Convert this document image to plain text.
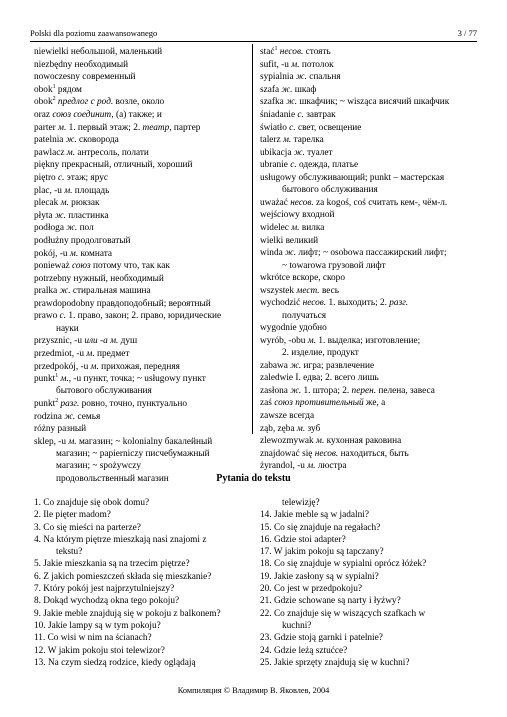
Polski dla poziomu zaawansowanego	3 / 77
niewielki небольшой, маленький
niezbędny необходимый
nowoczesny современный
obok$^1$ рядом
obok$^2$ предлог с род. возле, около
oraz союз соединит, (а) также; и
parter м. 1. первый этаж; 2. театр, партер
patelnia ж. сковорода
pawlacz м. антресоль, полати
piękny прекрасный, отличный, хороший
piętro с. этаж; ярус
plac, -u м. площадь
plecak м. рюкзак
płyta ж. пластинка
podłoga ж. пол
podłużny продолговатый
pokój, -u м. комната
ponieważ союз потому что, так как
potrzebny нужный, необходимый
pralka ж. стиральная машина
prawdopodobny правдоподобный; вероятный
prawo с. 1. право, закон; 2. право, юридические
науки
przysznic, -u или -a м. душ
przedmiot, -u м. предмет
przedpokój, -u м. прихожая, передняя
punkt$^1$ м., -u пункт, точка; ~ usługowy пункт
бытового обслуживания
punkt$^2$ разг. ровно, точно, пунктуально
rodzina ж. семья
różny разный
sklep, -u м. магазин; ~ kolonialny бакалейный
магазин; ~ papierniczy писчебумажный
магазин; ~ spożywczy
продовольственный магазин
stać$^1$ несов. стоять
sufit, -u м. потолок
sypialnia ж. спальня
szafa ж. шкаф
szafka ж. шкафчик; ~ wisząca висячий шкафчик
śniadanie с. завтрак
światło с. свет, освещение
talerz м. тарелка
ubikacja ж. туалет
ubranie с. одежда, платье
usługowy обслуживающий; punkt – мастерская
бытового обслуживания
uważać несов. za kogoś, coś считать кем-, чём-л.
wejściowy входной
widelec м. вилка
wielki великий
winda ж. лифт; ~ osobowa пассажирский лифт;
~ towarowa грузовой лифт
wkrótce вскоре, скоро
wszystek мест. весь
wychodzić несов. 1. выходить; 2. разг.
получаться
wygodnie удобно
wyrób, -obu м. 1. выделка; изготовление;
2. изделие, продукт
zabawa ж. игра; развлечение
zaledwie I. едва; 2. всего лишь
zasłona ж. 1. штора; 2. перен. пелена, завеса
zaś союз противительный же, а
zawsze всегда
ząb, zęba м. зуб
zlewozmywak м. кухонная раковина
znajdować się несов. находиться, быть
żyrandol, -u м. люстра
Pytania do tekstu
1. Co znajduje się obok domu?
2. Ile pięter madom?
3. Co się mieści na parterze?
4. Na którym piętrze mieszkają nasi znajomi z
tekstu?
5. Jakie mieszkania są na trzecim piętrze?
6. Z jakich pomieszczeń składa się mieszkanie?
7. Który pokój jest najprzytulniejszy?
8. Dokąd wychodzą okna tego pokoju?
9. Jakie meble znajdują się w pokoju z balkonem?
10. Jakie lampy są w tym pokoju?
11. Co wisi w nim na ścianach?
12. W jakim pokoju stoi telewizor?
13. Na czym siedzą rodzice, kiedy oglądają
telewizję?
14. Jakie meble są w jadalni?
15. Co się znajduje na regałach?
16. Gdzie stoi adapter?
17. W jakim pokoju są tapczany?
18. Co się znajduje w sypialni oprócz łóżek?
19. Jakie zasłony są w sypialni?
20. Co jest w przedpokoju?
21. Gdzie schowane są narty i łyżwy?
22. Co znajduje się w wiszących szafkach w
kuchni?
23. Gdzie stoją garnki i patelnie?
24. Gdzie leżą sztućce?
25. Jakie sprzęty znajdują się w kuchni?
Компиляция © Владимир В. Яковлев, 2004
